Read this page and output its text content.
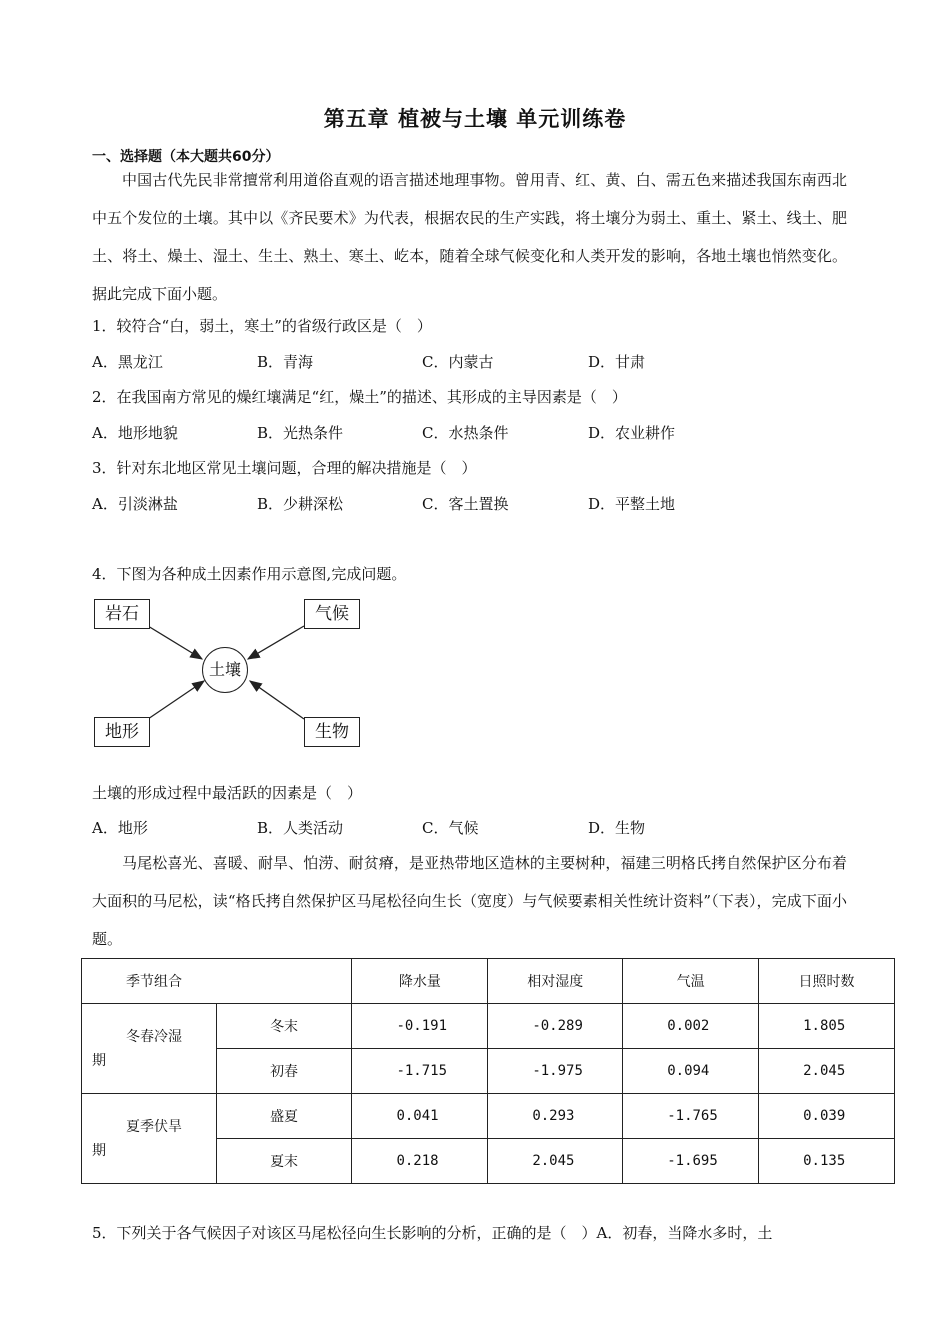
第五章 植被与土壤 单元训练卷
一、选择题（本大题共60分）
中国古代先民非常擅常利用道俗直观的语言描述地理事物。曾用青、红、黄、白、需五色来描述我国东南西北中五个发位的土壤。其中以《齐民要术》为代表，根据农民的生产实践，将土壤分为弱土、重土、紧土、线土、肥土、将土、燥土、湿土、生土、熟土、寒土、屹本，随着全球气候变化和人类开发的影响，各地土壤也悄然变化。据此完成下面小题。
1．较符合“白，弱土，寒土”的省级行政区是（　）
A．黑龙江	B．青海	C．内蒙古	D．甘肃
2．在我国南方常见的燥红壤满足“红，燥土”的描述、其形成的主导因素是（　）
A．地形地貌	B．光热条件	C．水热条件	D．农业耕作
3．针对东北地区常见土壤问题，合理的解决措施是（　）
A．引淡淋盐	B．少耕深松	C．客土置换	D．平整土地
4．下图为各种成土因素作用示意图,完成问题。
岩石	气候
地形	生物
土壤
土壤的形成过程中最活跃的因素是（　）
A．地形	B．人类活动	C．气候	D．生物
马尾松喜光、喜暖、耐旱、怕涝、耐贫瘠，是亚热带地区造林的主要树种，福建三明格氏拷自然保护区分布着大面积的马尼松，读“格氏拷自然保护区马尾松径向生长（宽度）与气候要素相关性统计资料”（下表），完成下面小题。
季节组合		降水量	相对湿度	气温	日照时数

冬春冷湿
期	冬末	-0.191	-0.289	0.002	1.805
	初春	-1.715	-1.975	0.094	2.045

夏季伏旱
期	盛夏	0.041	0.293	-1.765	0.039
	夏末	0.218	2.045	-1.695	0.135
5．下列关于各气候因子对该区马尾松径向生长影响的分析，正确的是（　）A．初春，当降水多时，土
